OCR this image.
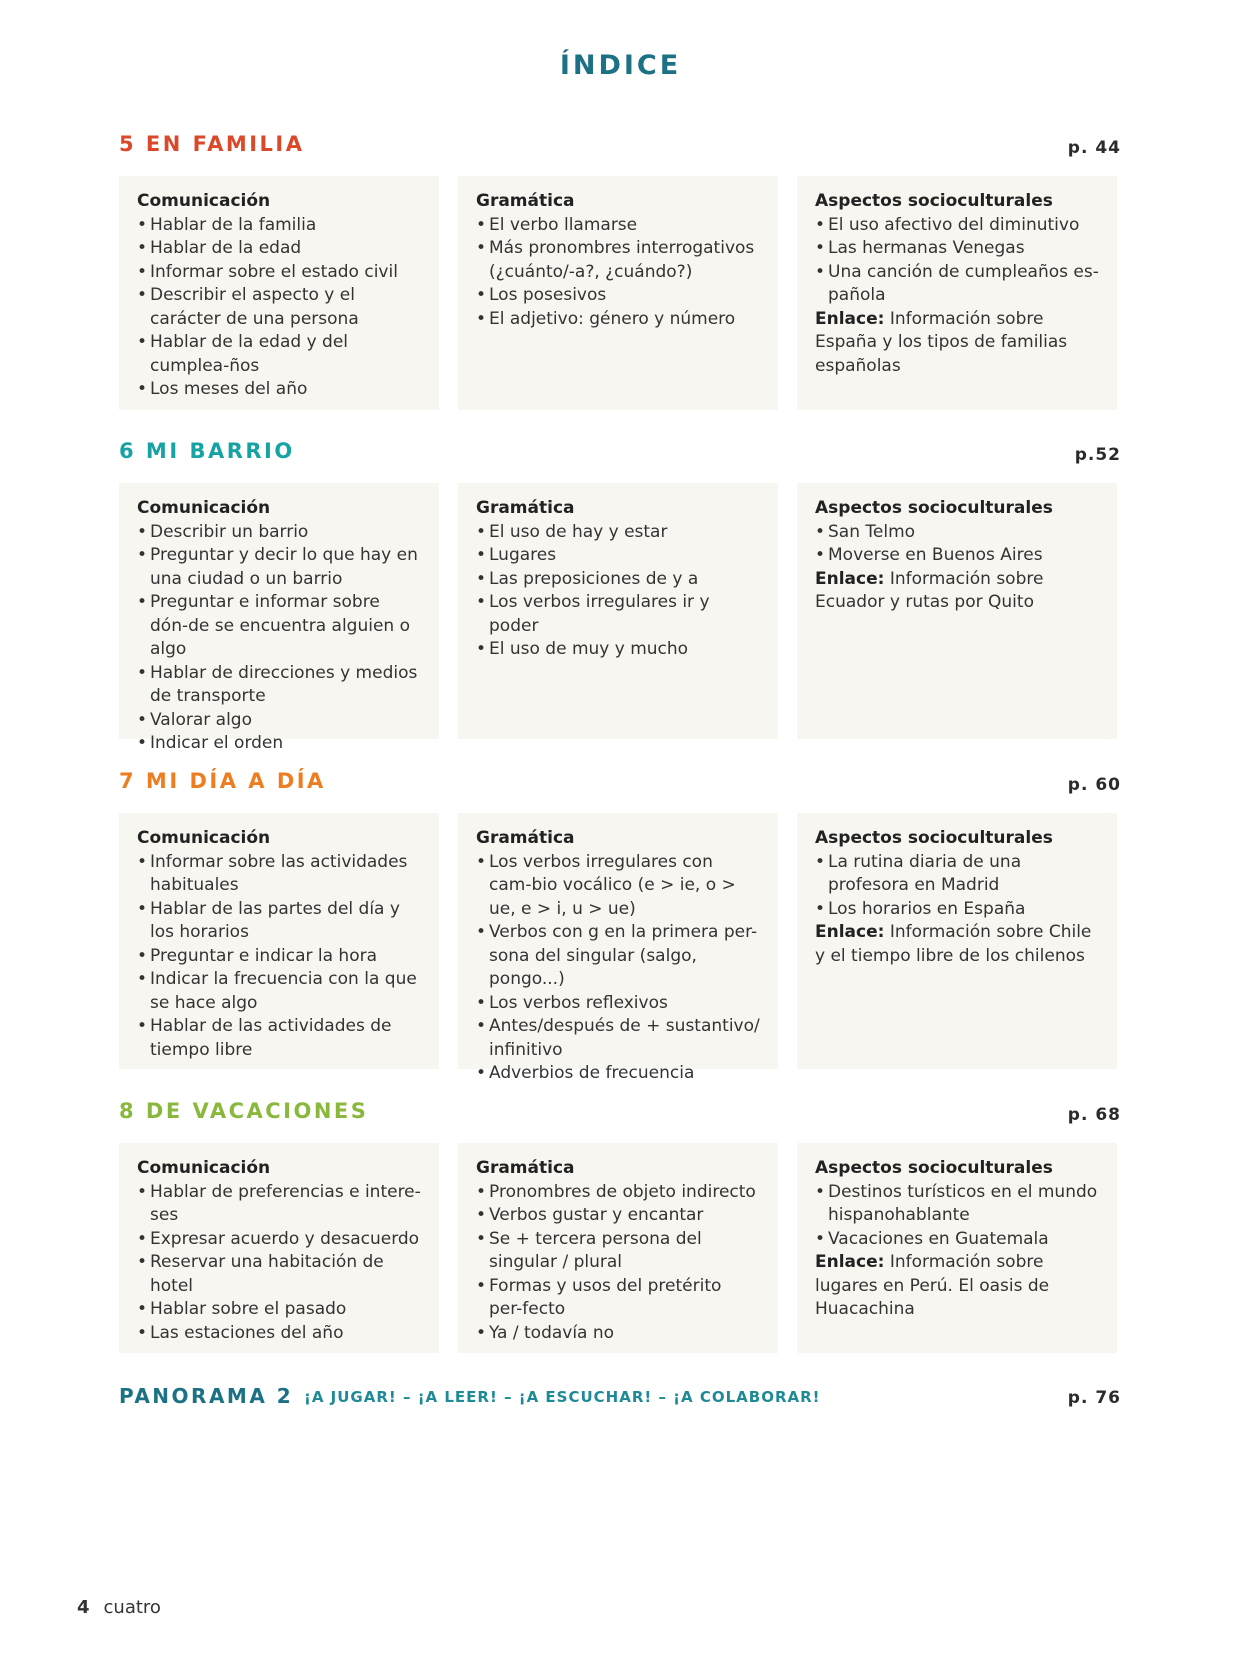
ÍNDICE
5 EN FAMILIA	p. 44
Comunicación
• Hablar de la familia
• Hablar de la edad
• Informar sobre el estado civil
• Describir el aspecto y el carácter de una persona
• Hablar de la edad y del cumplea-ños
• Los meses del año
Gramática
• El verbo llamarse
• Más pronombres interrogativos (¿cuánto/-a?, ¿cuándo?)
• Los posesivos
• El adjetivo: género y número
Aspectos socioculturales
• El uso afectivo del diminutivo
• Las hermanas Venegas
• Una canción de cumpleaños es-pañola
Enlace: Información sobre España y los tipos de familias españolas
6 MI BARRIO	p.52
Comunicación
• Describir un barrio
• Preguntar y decir lo que hay en una ciudad o un barrio
• Preguntar e informar sobre dón-de se encuentra alguien o algo
• Hablar de direcciones y medios de transporte
• Valorar algo
• Indicar el orden
Gramática
• El uso de hay y estar
• Lugares
• Las preposiciones de y a
• Los verbos irregulares ir y poder
• El uso de muy y mucho
Aspectos socioculturales
• San Telmo
• Moverse en Buenos Aires
Enlace: Información sobre Ecuador y rutas por Quito
7 MI DÍA A DÍA	p. 60
Comunicación
• Informar sobre las actividades habituales
• Hablar de las partes del día y los horarios
• Preguntar e indicar la hora
• Indicar la frecuencia con la que se hace algo
• Hablar de las actividades de tiempo libre
Gramática
• Los verbos irregulares con cam-bio vocálico (e > ie, o > ue, e > i, u > ue)
• Verbos con g en la primera per-sona del singular (salgo, pongo...)
• Los verbos reflexivos
• Antes/después de + sustantivo/ infinitivo
• Adverbios de frecuencia
Aspectos socioculturales
• La rutina diaria de una profesora en Madrid
• Los horarios en España
Enlace: Información sobre Chile y el tiempo libre de los chilenos
8 DE VACACIONES	p. 68
Comunicación
• Hablar de preferencias e intere-ses
• Expresar acuerdo y desacuerdo
• Reservar una habitación de hotel
• Hablar sobre el pasado
• Las estaciones del año
Gramática
• Pronombres de objeto indirecto
• Verbos gustar y encantar
• Se + tercera persona del singular / plural
• Formas y usos del pretérito per-fecto
• Ya / todavía no
Aspectos socioculturales
• Destinos turísticos en el mundo hispanohablante
• Vacaciones en Guatemala
Enlace: Información sobre lugares en Perú. El oasis de Huacachina
PANORAMA 2 ¡A JUGAR! – ¡A LEER! – ¡A ESCUCHAR! – ¡A COLABORAR!	p. 76
4 cuatro
